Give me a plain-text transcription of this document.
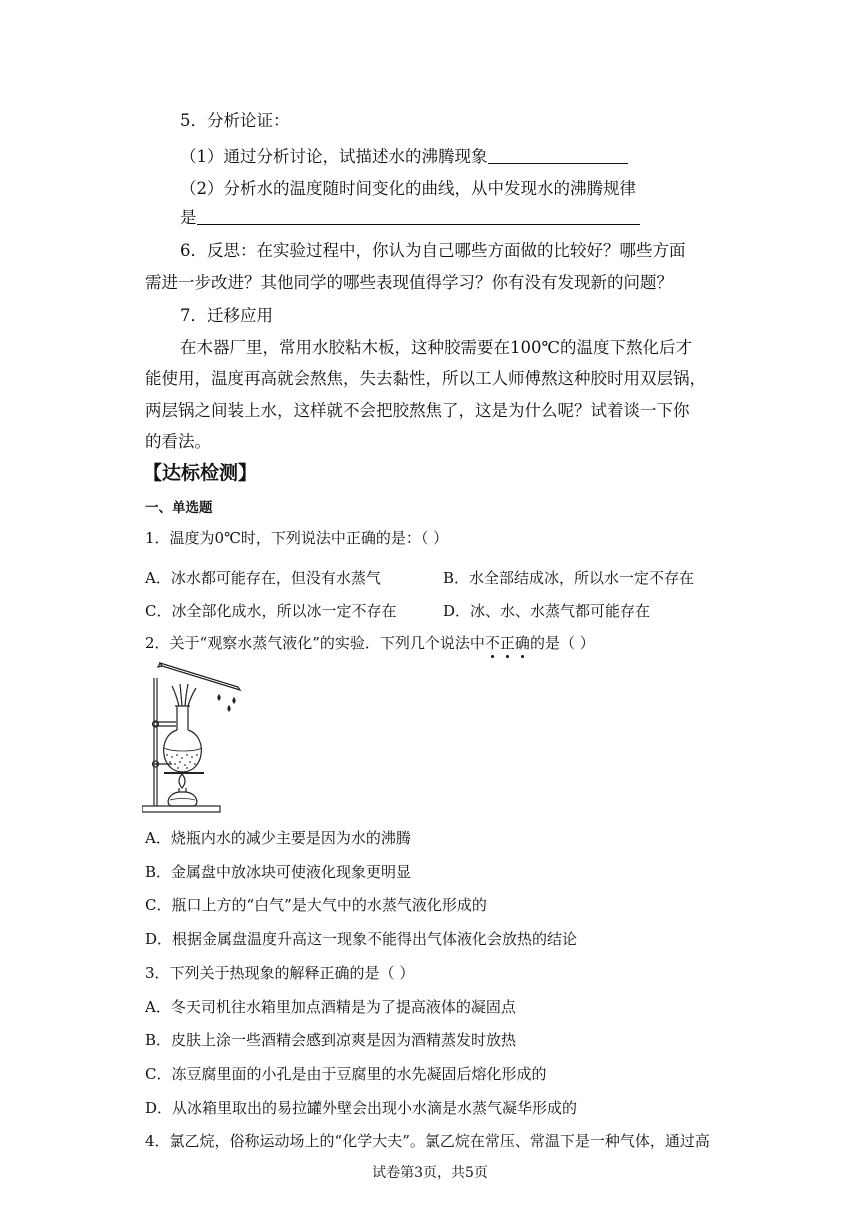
5．分析论证：
（1）通过分析讨论，试描述水的沸腾现象
（2）分析水的温度随时间变化的曲线，从中发现水的沸腾规律
是
6．反思：在实验过程中，你认为自己哪些方面做的比较好？哪些方面
需进一步改进？其他同学的哪些表现值得学习？你有没有发现新的问题？
7．迁移应用
在木器厂里，常用水胶粘木板，这种胶需要在100℃的温度下熬化后才
能使用，温度再高就会熬焦，失去黏性，所以工人师傅熬这种胶时用双层锅，
两层锅之间装上水，这样就不会把胶熬焦了，这是为什么呢？试着谈一下你
的看法。
【达标检测】
一、单选题
1．温度为0℃时，下列说法中正确的是：（ ）
A．冰水都可能存在，但没有水蒸气	B．水全部结成冰，所以水一定不存在
C．冰全部化成水，所以冰一定不存在	D．冰、水、水蒸气都可能存在
2．关于“观察水蒸气液化”的实验．下列几个说法中不正确的是（ ）
A．烧瓶内水的减少主要是因为水的沸腾
B．金属盘中放冰块可使液化现象更明显
C．瓶口上方的“白气”是大气中的水蒸气液化形成的
D．根据金属盘温度升高这一现象不能得出气体液化会放热的结论
3．下列关于热现象的解释正确的是（ ）
A．冬天司机往水箱里加点酒精是为了提高液体的凝固点
B．皮肤上涂一些酒精会感到凉爽是因为酒精蒸发时放热
C．冻豆腐里面的小孔是由于豆腐里的水先凝固后熔化形成的
D．从冰箱里取出的易拉罐外壁会出现小水滴是水蒸气凝华形成的
4．氯乙烷，俗称运动场上的“化学大夫”。氯乙烷在常压、常温下是一种气体，通过高
试卷第3页，共5页
